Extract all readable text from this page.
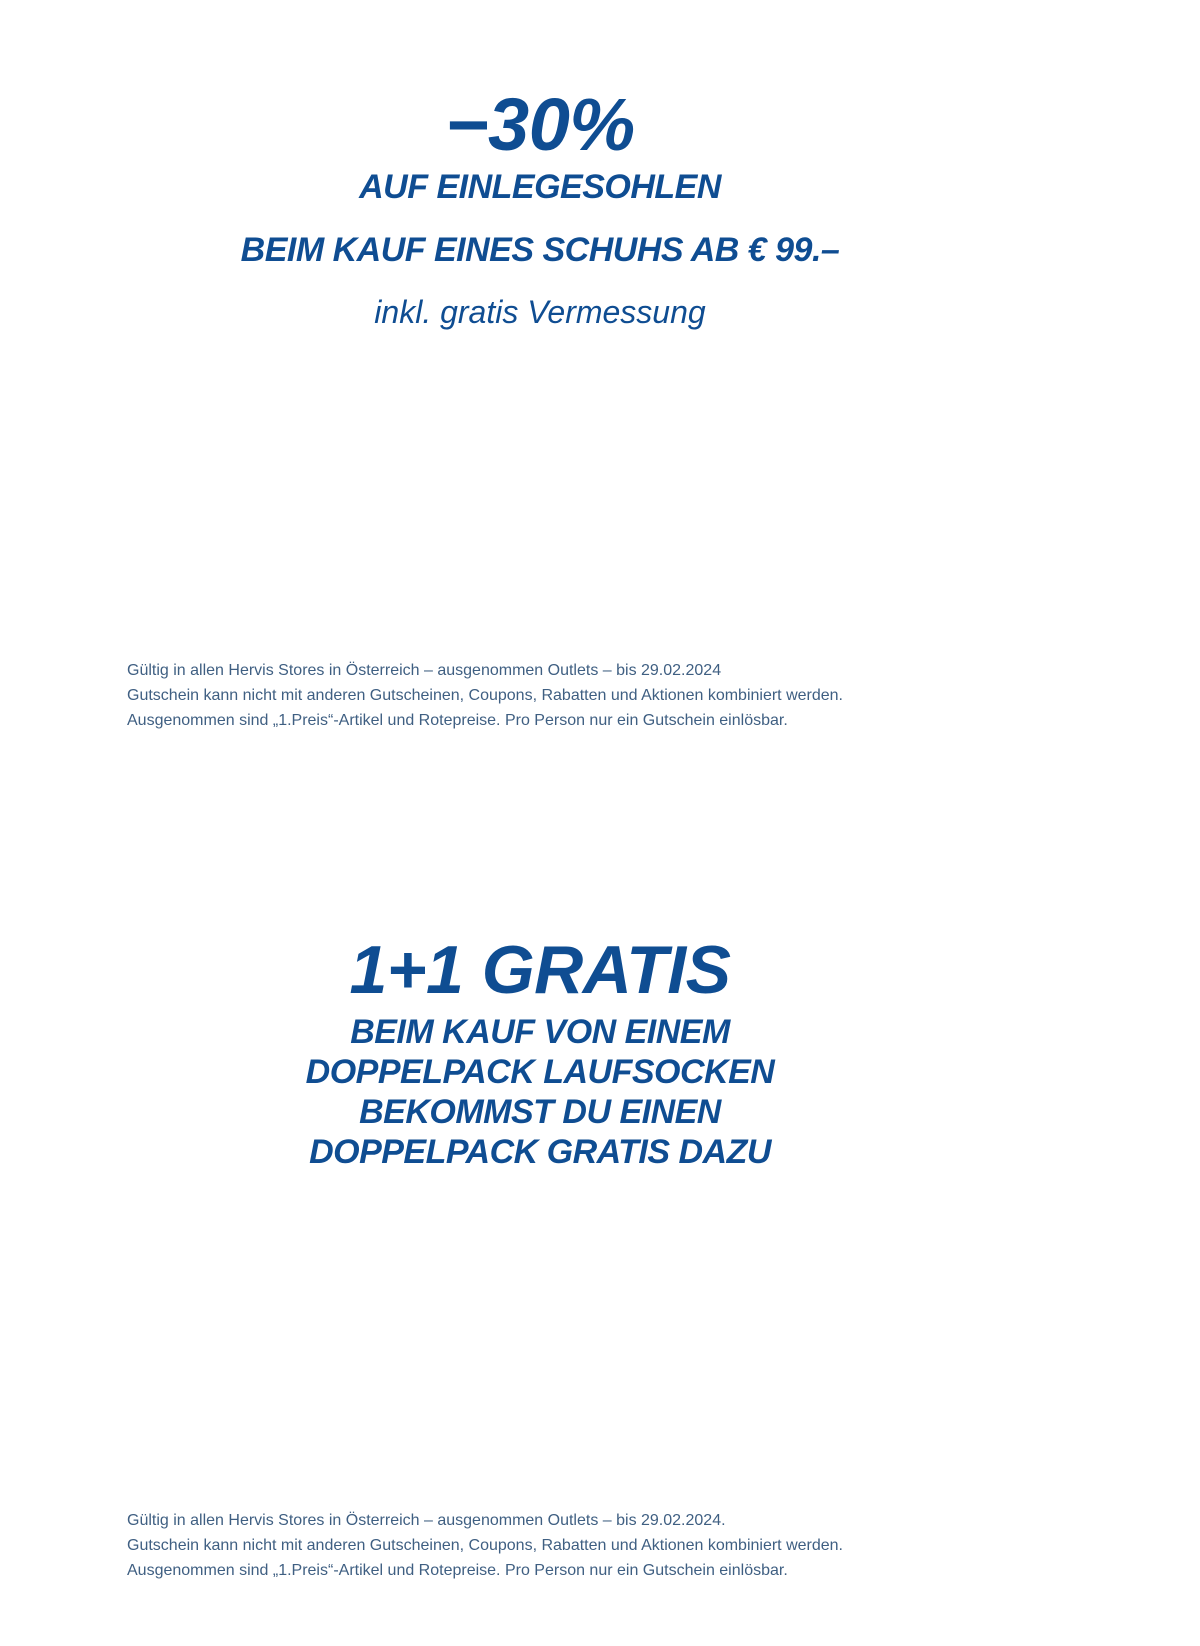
−30%
AUF EINLEGESOHLEN
BEIM KAUF EINES SCHUHS AB € 99.–

inkl. gratis Vermessung

Gültig in allen Hervis Stores in Österreich – ausgenommen Outlets – bis 29.02.2024
Gutschein kann nicht mit anderen Gutscheinen, Coupons, Rabatten und Aktionen kombiniert werden.
Ausgenommen sind „1.Preis“-Artikel und Rotepreise. Pro Person nur ein Gutschein einlösbar.
1+1 GRATIS
BEIM KAUF VON EINEM
DOPPELPACK LAUFSOCKEN
BEKOMMST DU EINEN
DOPPELPACK GRATIS DAZU
Gültig in allen Hervis Stores in Österreich – ausgenommen Outlets – bis 29.02.2024.
Gutschein kann nicht mit anderen Gutscheinen, Coupons, Rabatten und Aktionen kombiniert werden.
Ausgenommen sind „1.Preis“-Artikel und Rotepreise. Pro Person nur ein Gutschein einlösbar.
